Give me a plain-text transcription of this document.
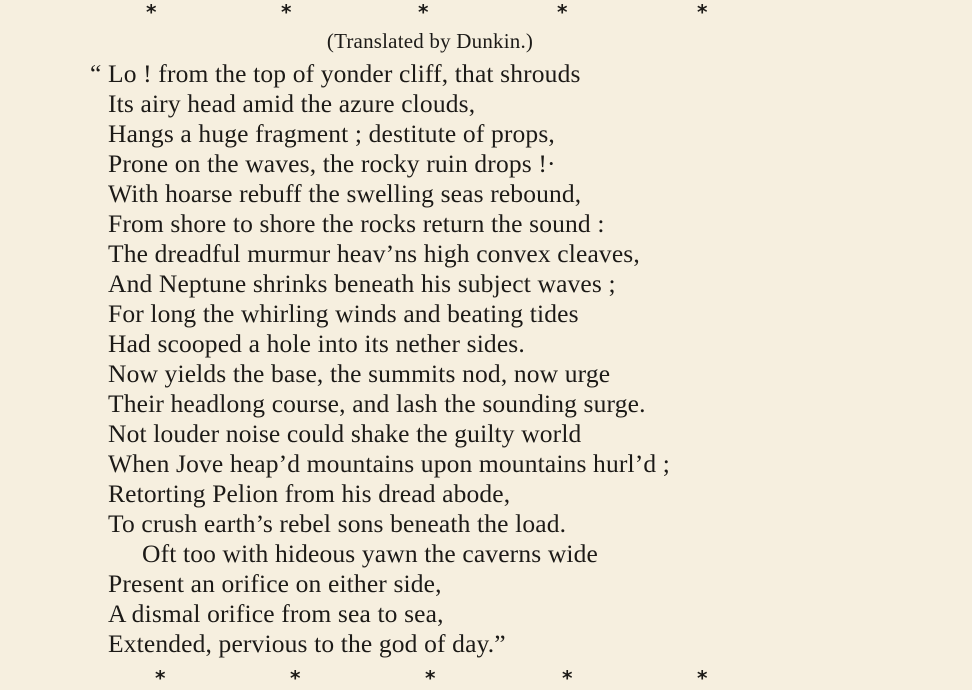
*	*	*	*	*
(Translated by Dunkin.)
“ Lo ! from the top of yonder cliff, that shrouds
Its airy head amid the azure clouds,
Hangs a huge fragment ; destitute of props,
Prone on the waves, the rocky ruin drops !·
With hoarse rebuff the swelling seas rebound,
From shore to shore the rocks return the sound :
The dreadful murmur heav’ns high convex cleaves,
And Neptune shrinks beneath his subject waves ;
For long the whirling winds and beating tides
Had scooped a hole into its nether sides.
Now yields the base, the summits nod, now urge
Their headlong course, and lash the sounding surge.
Not louder noise could shake the guilty world
When Jove heap’d mountains upon mountains hurl’d ;
Retorting Pelion from his dread abode,
To crush earth’s rebel sons beneath the load.
Oft too with hideous yawn the caverns wide
Present an orifice on either side,
A dismal orifice from sea to sea,
Extended, pervious to the god of day.”
*	*	*	*	*
